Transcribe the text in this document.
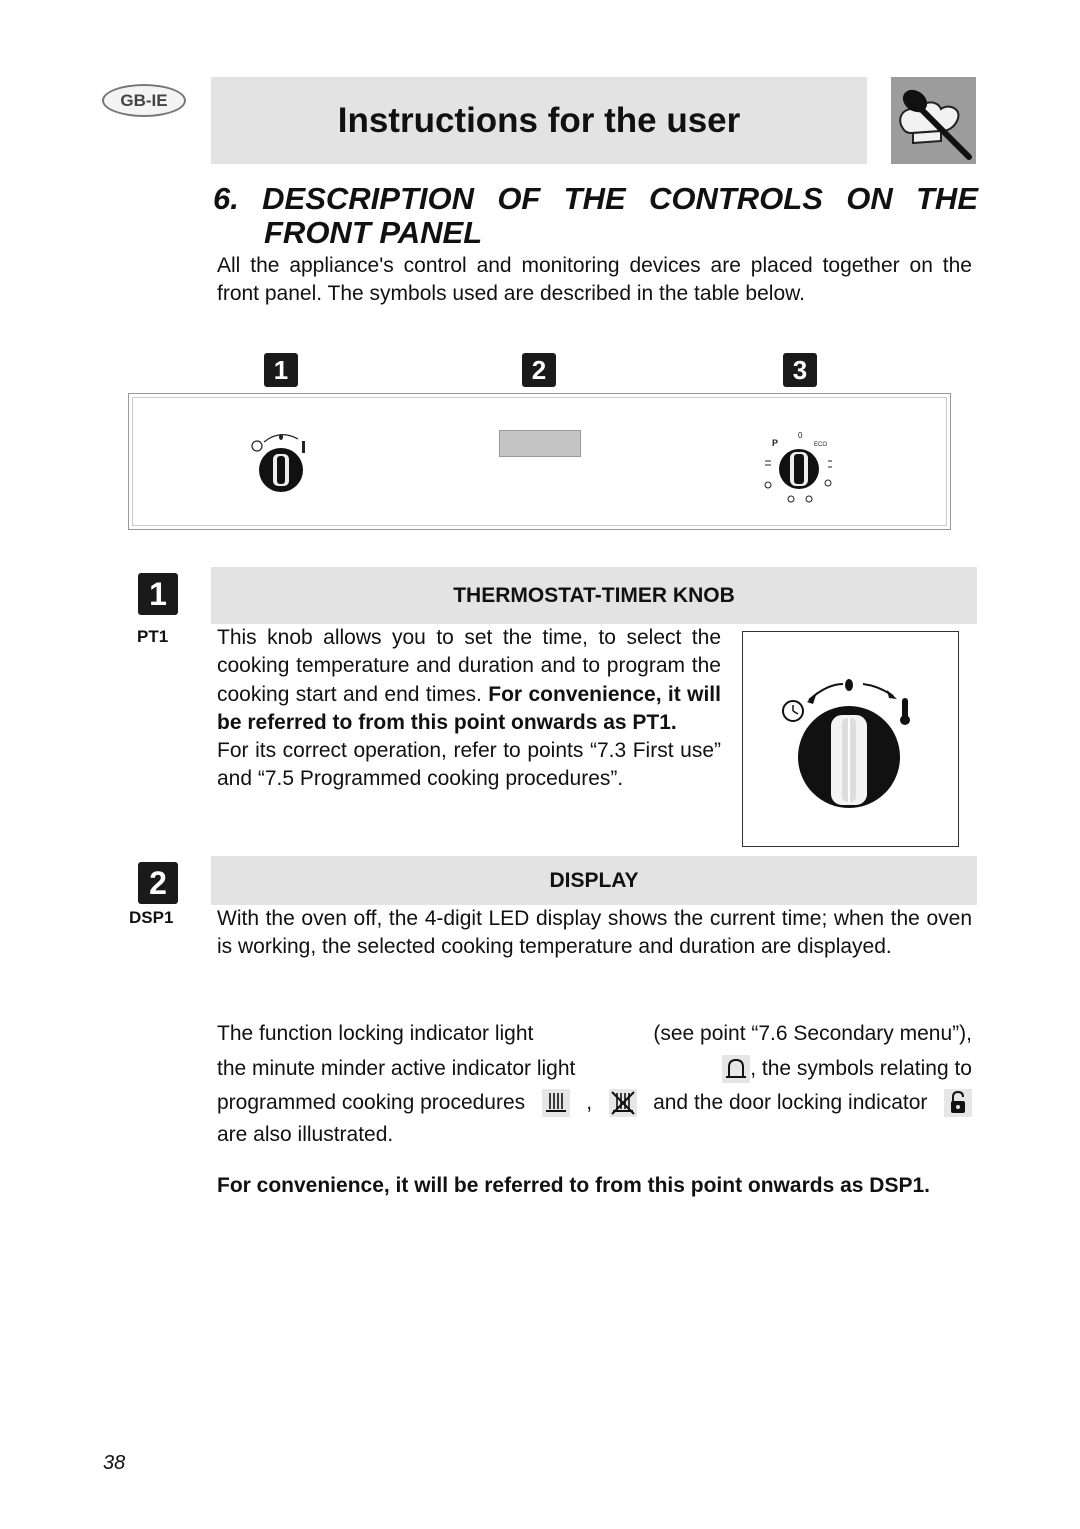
GB-IE
Instructions for the user
6. DESCRIPTION OF THE CONTROLS ON THE
FRONT PANEL
All the appliance's control and monitoring devices are placed together on the front panel. The symbols used are described in the table below.
1	2	3
P
0
ECO
1
PT1
THERMOSTAT-TIMER KNOB
This knob allows you to set the time, to select the cooking temperature and duration and to program the cooking start and end times. For convenience, it will be referred to from this point onwards as PT1.
For its correct operation, refer to points “7.3 First use” and “7.5 Programmed cooking procedures”.
2
DSP1
DISPLAY
With the oven off, the 4-digit LED display shows the current time; when the oven is working, the selected cooking temperature and duration are displayed.
The function locking indicator light	(see point “7.6 Secondary menu”),
the minute minder active indicator light	, the symbols relating to
programmed cooking procedures	,	and the door locking indicator
are also illustrated.
For convenience, it will be referred to from this point onwards as DSP1.
38
